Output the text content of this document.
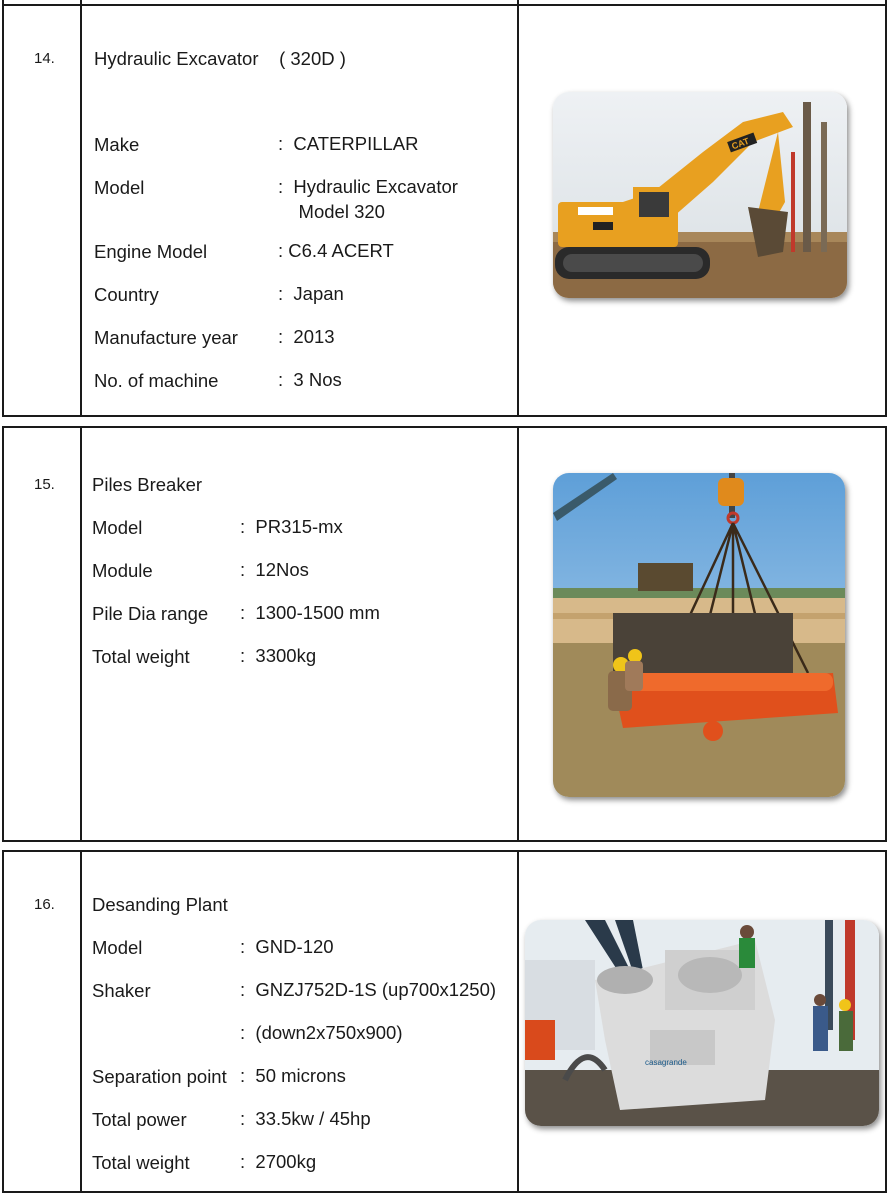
14. Hydraulic Excavator    ( 320D )
Make	:  CATERPILLAR
Model	:  Hydraulic Excavator
Model 320
Engine Model	: C6.4 ACERT
Country	:  Japan
Manufacture year :  2013
No. of machine	:  3 Nos
CAT
15. Piles Breaker
Model	:  PR315-mx
Module	:  12Nos
Pile Dia range :  1300-1500 mm
Total weight	:  3300kg
16. Desanding Plant
Model	:  GND-120
Shaker	:  GNZJ752D-1S (up700x1250)
:  (down2x750x900)
Separation point :  50 microns
Total power	:  33.5kw / 45hp
Total weight	:  2700kg
casagrande
